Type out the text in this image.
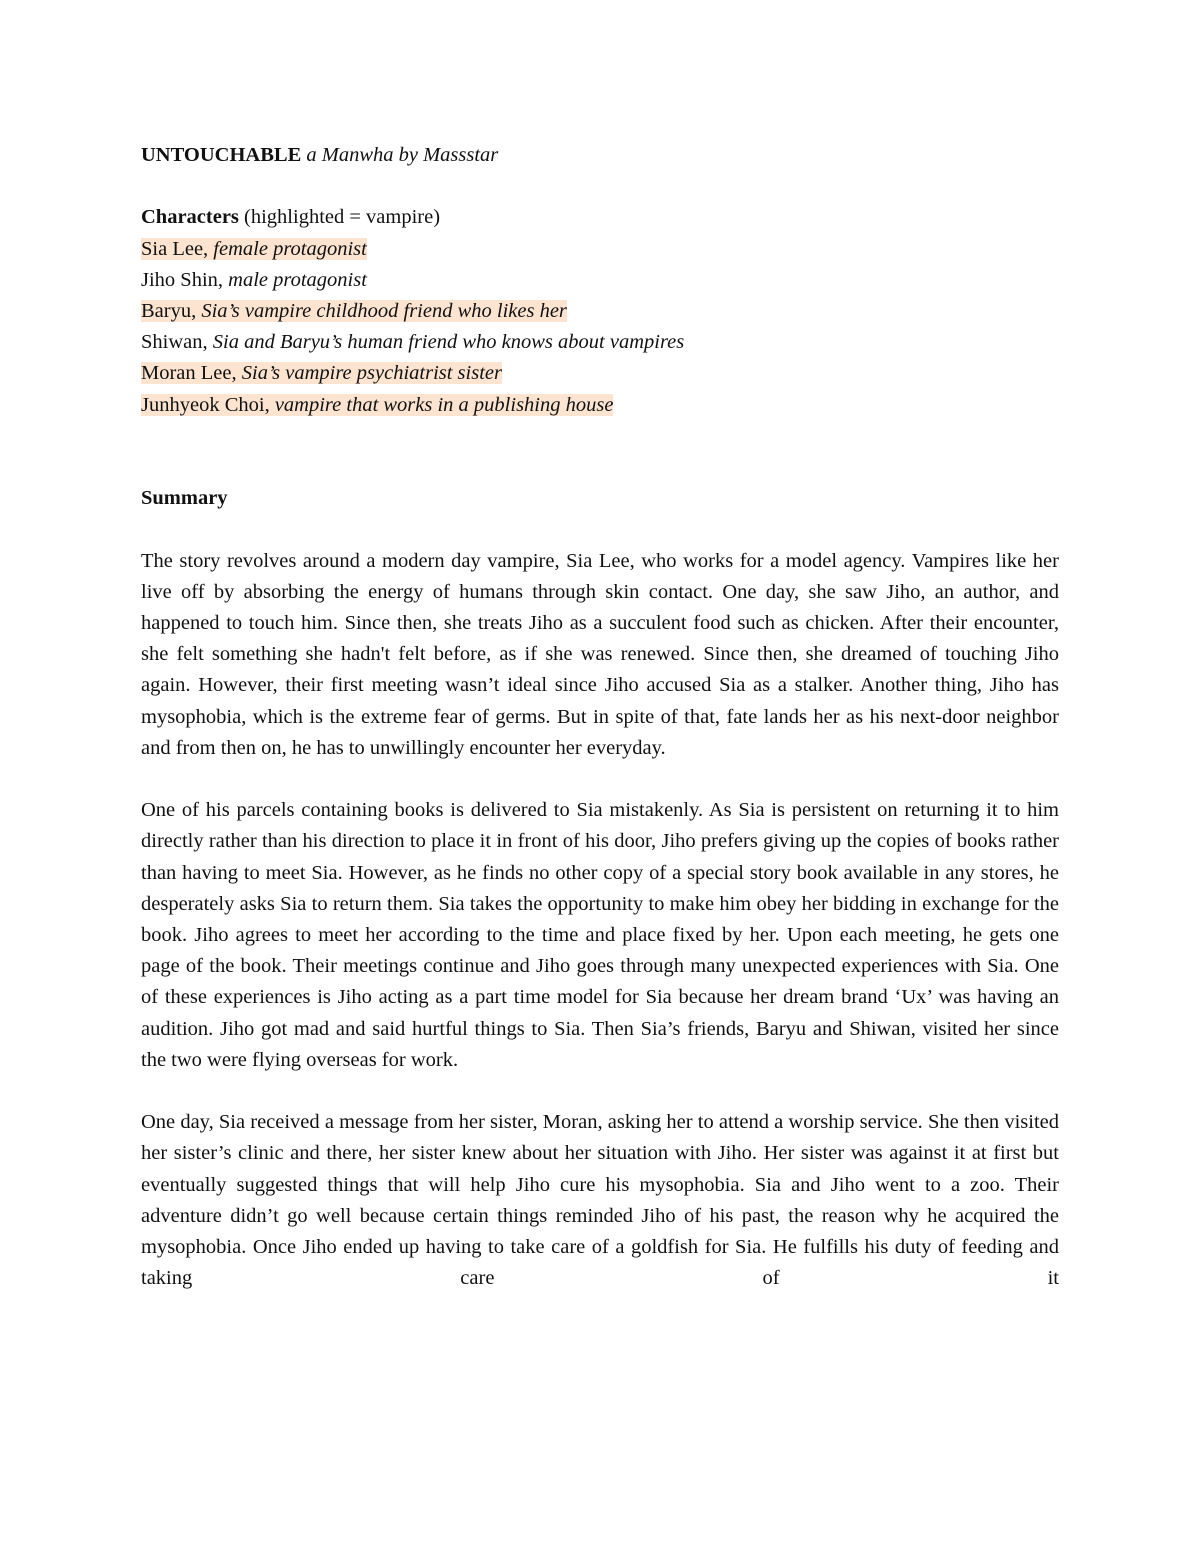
UNTOUCHABLE a Manwha by Massstar

Characters (highlighted = vampire)

Sia Lee, female protagonist

Jiho Shin, male protagonist

Baryu, Sia’s vampire childhood friend who likes her

Shiwan, Sia and Baryu’s human friend who knows about vampires

Moran Lee, Sia’s vampire psychiatrist sister

Junhyeok Choi, vampire that works in a publishing house

Summary

The story revolves around a modern day vampire, Sia Lee, who works for a model agency. Vampires like her live off by absorbing the energy of humans through skin contact. One day, she saw Jiho, an author, and happened to touch him. Since then, she treats Jiho as a succulent food such as chicken. After their encounter, she felt something she hadn't felt before, as if she was renewed. Since then, she dreamed of touching Jiho again. However, their first meeting wasn’t ideal since Jiho accused Sia as a stalker. Another thing, Jiho has mysophobia, which is the extreme fear of germs. But in spite of that, fate lands her as his next-door neighbor and from then on, he has to unwillingly encounter her everyday.

One of his parcels containing books is delivered to Sia mistakenly. As Sia is persistent on returning it to him directly rather than his direction to place it in front of his door, Jiho prefers giving up the copies of books rather than having to meet Sia. However, as he finds no other copy of a special story book available in any stores, he desperately asks Sia to return them. Sia takes the opportunity to make him obey her bidding in exchange for the book. Jiho agrees to meet her according to the time and place fixed by her. Upon each meeting, he gets one page of the book. Their meetings continue and Jiho goes through many unexpected experiences with Sia. One of these experiences is Jiho acting as a part time model for Sia because her dream brand ‘Ux’ was having an audition. Jiho got mad and said hurtful things to Sia. Then Sia’s friends, Baryu and Shiwan, visited her since the two were flying overseas for work.

One day, Sia received a message from her sister, Moran, asking her to attend a worship service. She then visited her sister’s clinic and there, her sister knew about her situation with Jiho. Her sister was against it at first but eventually suggested things that will help Jiho cure his mysophobia. Sia and Jiho went to a zoo. Their adventure didn’t go well because certain things reminded Jiho of his past, the reason why he acquired the mysophobia. Once Jiho ended up having to take care of a goldfish for Sia. He fulfills his duty of feeding and taking care of it
